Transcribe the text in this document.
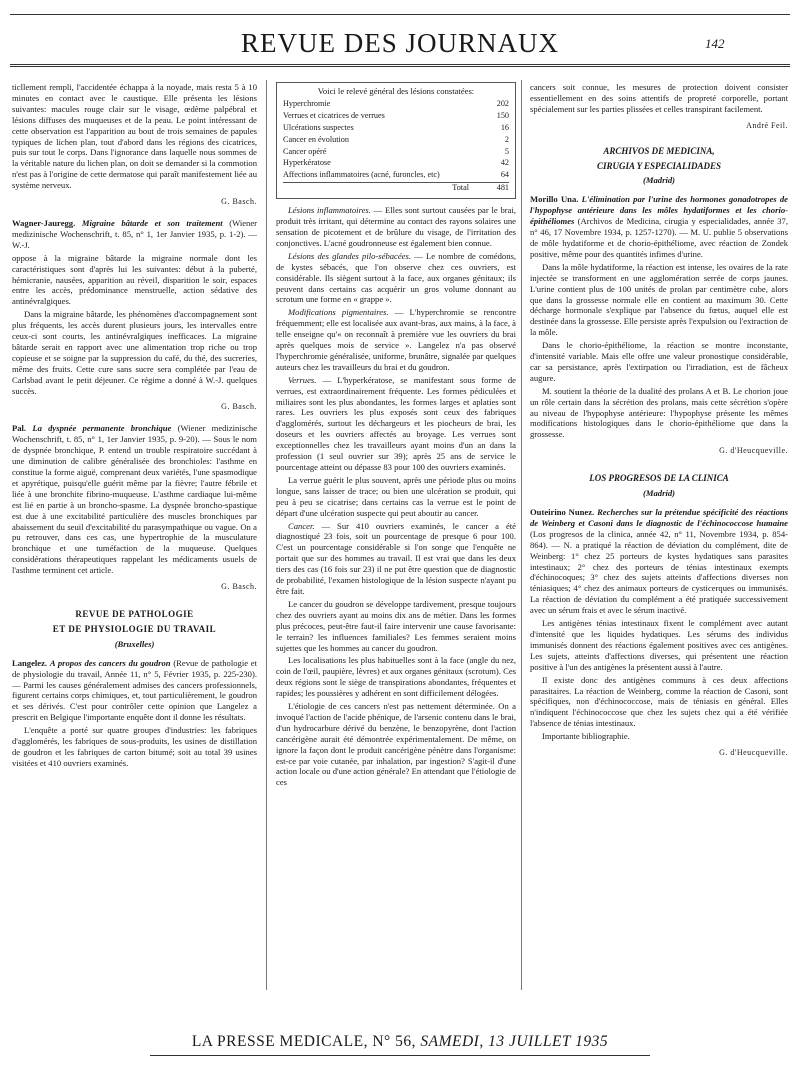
REVUE DES JOURNAUX	142

ticllement rempli, l'accidentée échappa à la noyade, mais resta 5 à 10 minutes en contact avec le caustique. Elle présenta les lésions suivantes: macules rouge clair sur le visage, œdème palpébral et lésions diffuses des muqueuses et de la peau. Le point intéressant de cette observation est l'apparition au bout de trois semaines de papules typiques de lichen plan, tout d'abord dans les régions des cicatrices, puis sur tout le corps. Dans l'ignorance dans laquelle nous sommes de la véritable nature du lichen plan, on doit se demander si la commotion n'est pas à l'origine de cette dermatose qui paraît manifestement liée au système nerveux.

G. Basch.

Wagner-Jauregg. Migraine bâtarde et son traitement (Wiener medizinische Wochenschrift, t. 85, n° 1, 1er Janvier 1935, p. 1-2). — W.-J.

oppose à la migraine bâtarde la migraine normale dont les caractéristiques sont d'après lui les suivantes: début à la puberté, hémicranie, nausées, apparition au réveil, disparition le soir, espaces entre les accès, prédominance menstruelle, action sédative des antinévralgiques.

Dans la migraine bâtarde, les phénomènes d'accompagnement sont plus fréquents, les accès durent plusieurs jours, les intervalles entre ceux-ci sont courts, les antinévralgiques inefficaces. La migraine bâtarde serait en rapport avec une alimentation trop riche ou trop copieuse et se soigne par la suppression du café, du thé, des sucreries, même des fruits. Cette cure sans sucre sera complétée par l'eau de Carlsbad avant le petit déjeuner. Ce régime a donné à W.-J. quelques succès.

G. Basch.

Pal. La dyspnée permanente bronchique (Wiener medizinische Wochenschrift, t. 85, n° 1, 1er Janvier 1935, p. 9-20). — Sous le nom de dyspnée bronchique, P. entend un trouble respiratoire succédant à une diminution de calibre généralisée des bronchioles: l'asthme en constitue la forme aiguë, comprenant deux variétés, l'une spasmodique et apyrétique, puisqu'elle guérit même par la fièvre; l'autre fébrile et liée à une bronchite fibrino-muqueuse. L'asthme cardiaque lui-même est lié en partie à un broncho-spasme. La dyspnée broncho-spastique est due à une excitabilité particulière des muscles bronchiques par abaissement du seuil d'excitabilité du parasympathique ou vague. On a pu retrouver, dans ces cas, une hypertrophie de la musculature bronchique et une tuméfaction de la muqueuse. Quelques considérations thérapeutiques rappelant les médicaments usuels de l'asthme terminent cet article.

G. Basch.
REVUE DE PATHOLOGIE
ET DE PHYSIOLOGIE DU TRAVAIL
(Bruxelles)

Langelez. A propos des cancers du goudron (Revue de pathologie et de physiologie du travail, Année 11, n° 5, Février 1935, p. 225-230). — Parmi les causes généralement admises des cancers professionnels, figurent certains corps chimiques, et, tout particulièrement, le goudron et ses dérivés. C'est pour contrôler cette opinion que Langelez a prescrit en Belgique l'importante enquête dont il donne les résultats.

L'enquête a porté sur quatre groupes d'industries: les fabriques d'agglomérés, les fabriques de sous-produits, les usines de distillation de goudron et les fabriques de carton bitumé; soit au total 39 usines visitées et 410 ouvriers examinés.

Voici le relevé général des lésions constatées:
Hyperchromie	202
Verrues et cicatrices de verrues	150
Ulcérations suspectes	16
Cancer en évolution	2
Cancer opéré	5
Hyperkératose	42
Affections inflammatoires (acné, furoncles, etc)	64
Total	481

Lésions inflammatoires. — Elles sont surtout causées par le brai, produit très irritant, qui détermine au contact des rayons solaires une sensation de picotement et de brûlure du visage, de l'irritation des conjonctives. L'acné goudronneuse est également bien connue.

Lésions des glandes pilo-sébacées. — Le nombre de comédons, de kystes sébacés, que l'on observe chez ces ouvriers, est considérable. Ils siègent surtout à la face, aux organes génitaux; ils peuvent dans certains cas acquérir un gros volume donnant au scrotum une forme en « grappe ».

Modifications pigmentaires. — L'hyperchromie se rencontre fréquemment; elle est localisée aux avant-bras, aux mains, à la face, à telle enseigne qu'« on reconnaît à première vue les ouvriers du brai après quelques mois de service ». Langelez n'a pas observé l'hyperchromie généralisée, uniforme, brunâtre, signalée par quelques auteurs chez les travailleurs du brai et du goudron.

Verrues. — L'hyperkératose, se manifestant sous forme de verrues, est extraordinairement fréquente. Les formes pédiculées et miliaires sont les plus abondantes, les formes larges et aplaties sont rares. Les ouvriers les plus exposés sont ceux des fabriques d'agglomérés, surtout les déchargeurs et les piocheurs de brai, les doseurs et les ouvriers affectés au broyage. Les verrues sont exceptionnelles chez les travailleurs ayant moins d'un an dans la profession (1 seul ouvrier sur 39); après 25 ans de service le pourcentage atteint ou dépasse 83 pour 100 des ouvriers examinés.

La verrue guérit le plus souvent, après une période plus ou moins longue, sans laisser de trace; ou bien une ulcération se produit, qui peu à peu se cicatrise; dans certains cas la verrue est le point de départ d'une ulcération suspecte qui peut aboutir au cancer.

Cancer. — Sur 410 ouvriers examinés, le cancer a été diagnostiqué 23 fois, soit un pourcentage de presque 6 pour 100. C'est un pourcentage considérable si l'on songe que l'enquête ne portait que sur des hommes au travail. Il est vrai que dans les deux tiers des cas (16 fois sur 23) il ne put être question que de diagnostic de probabilité, l'examen histologique de la lésion suspecte n'ayant pu être fait.

Le cancer du goudron se développe tardivement, presque toujours chez des ouvriers ayant au moins dix ans de métier. Dans les formes plus précoces, peut-être faut-il faire intervenir une cause favorisante: le terrain? les influences familiales? Les femmes seraient moins sujettes que les hommes au cancer du goudron.

Les localisations les plus habituelles sont à la face (angle du nez, coin de l'œil, paupière, lèvres) et aux organes génitaux (scrotum). Ces deux régions sont le siège de transpirations abondantes, fréquentes et rapides; les poussières y adhérent en sont difficilement délogées.

L'étiologie de ces cancers n'est pas nettement déterminée. On a invoqué l'action de l'acide phénique, de l'arsenic contenu dans le brai, d'un hydrocarbure dérivé du benzène, le benzopyrène, dont l'action cancérigène aurait été démontrée expérimentalement. De même, on ignore la façon dont le produit cancérigène pénètre dans l'organisme: est-ce par voie cutanée, par inhalation, par ingestion? S'agit-il d'une action locale ou d'une action générale? En attendant que l'étiologie de ces

cancers soit connue, les mesures de protection doivent consister essentiellement en des soins attentifs de propreté corporelle, portant spécialement sur les parties plissées et celles transpirant facilement.

André Feil.
ARCHIVOS DE MEDICINA,
CIRUGIA Y ESPECIALIDADES
(Madrid)

Morillo Una. L'élimination par l'urine des hormones gonadotropes de l'hypophyse antérieure dans les môles hydatiformes et les chorio-épithéliomes (Archivos de Medicina, cirugia y especialidades, année 37, n° 46, 17 Novembre 1934, p. 1257-1270). — M. U. publie 5 observations de môle hydatiforme et de chorio-épithéliome, avec réaction de Zondek positive, même pour des quantités infimes d'urine.

Dans la môle hydatiforme, la réaction est intense, les ovaires de la rate injectée se transforment en une agglomération serrée de corps jaunes. L'urine contient plus de 100 unités de prolan par centimètre cube, alors que dans la grossesse normale elle en contient au maximum 30. Cette décharge hormonale s'explique par l'absence du fœtus, auquel elle est destinée dans la grossesse. Elle persiste après l'expulsion ou l'extraction de la môle.

Dans le chorio-épithéliome, la réaction se montre inconstante, d'intensité variable. Mais elle offre une valeur pronostique considérable, car sa persistance, après l'extirpation ou l'irradiation, est de fâcheux augure.

M. soutient la théorie de la dualité des prolans A et B. Le chorion joue un rôle certain dans la sécrétion des prolans, mais cette sécrétion s'opère au niveau de l'hypophyse antérieure: l'hypophyse présente les mêmes modifications histologiques dans le chorio-épithéliome que dans la grossesse.

G. d'Heucqueville.
LOS PROGRESOS DE LA CLINICA
(Madrid)

Outeirino Nunez. Recherches sur la prétendue spécificité des réactions de Weinberg et Casoni dans le diagnostic de l'échinococcose humaine (Los progresos de la clinica, année 42, n° 11, Novembre 1934, p. 854-864). — N. a pratiqué la réaction de déviation du complément, dite de Weinberg: 1° chez 25 porteurs de kystes hydatiques sans parasites intestinaux; 2° chez des porteurs de ténias intestinaux exempts d'échinocoques; 3° chez des sujets atteints d'affections diverses non téniasiques; 4° chez des animaux porteurs de cysticerques ou immunisés. La réaction de déviation du complément a été pratiquée successivement avec un sérum frais et avec le sérum inactivé.

Les antigènes ténias intestinaux fixent le complément avec autant d'intensité que les liquides hydatiques. Les sérums des individus immunisés donnent des réactions également positives avec ces antigènes. Les sujets, atteints d'affections diverses, qui présentent une réaction positive à l'un des antigènes la présentent aussi à l'autre.

Il existe donc des antigènes communs à ces deux affections parasitaires. La réaction de Weinberg, comme la réaction de Casoni, sont spécifiques, non d'échinococcose, mais de téniasis en général. Elles n'indiquent l'échinococcose que chez les sujets chez qui a été vérifiée l'absence de ténias intestinaux.

Importante bibliographie.

G. d'Heucqueville.
LA PRESSE MEDICALE, N° 56, SAMEDI, 13 JUILLET 1935
